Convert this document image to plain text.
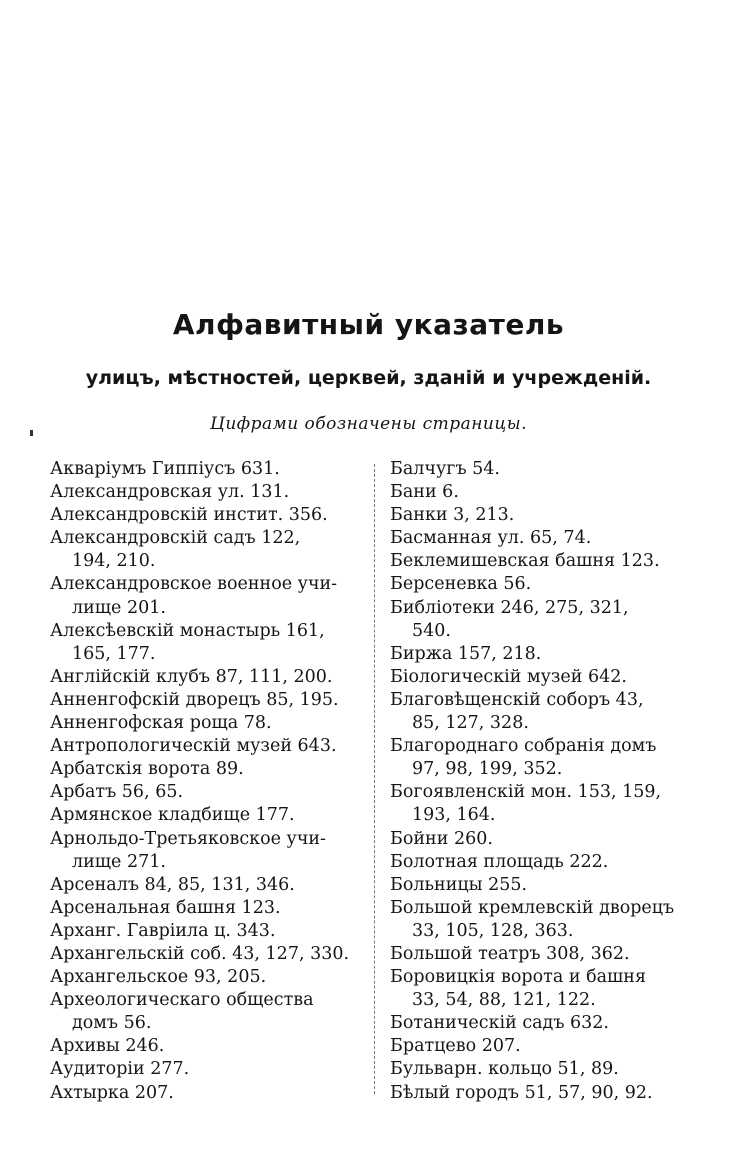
Алфавитный указатель
улицъ, мѣстностей, церквей, зданій и учрежденій.
Цифрами обозначены страницы.
Акваріумъ Гиппіусъ 631.
Александровская ул. 131.
Александровскій инстит. 356.
Александровскій садъ 122,
194, 210.
Александровское военное учи-
лище 201.
Алексѣевскій монастырь 161,
165, 177.
Англійскій клубъ 87, 111, 200.
Анненгофскій дворецъ 85, 195.
Анненгофская роща 78.
Антропологическій музей 643.
Арбатскія ворота 89.
Арбатъ 56, 65.
Армянское кладбище 177.
Арнольдо-Третьяковское учи-
лище 271.
Арсеналъ 84, 85, 131, 346.
Арсенальная башня 123.
Арханг. Гавріила ц. 343.
Архангельскій соб. 43, 127, 330.
Архангельское 93, 205.
Археологическаго общества
домъ 56.
Архивы 246.
Аудиторіи 277.
Ахтырка 207.
Балчугъ 54.
Бани 6.
Банки 3, 213.
Басманная ул. 65, 74.
Беклемишевская башня 123.
Берсеневка 56.
Библіотеки 246, 275, 321,
540.
Биржа 157, 218.
Біологическій музей 642.
Благовѣщенскій соборъ 43,
85, 127, 328.
Благороднаго собранія домъ
97, 98, 199, 352.
Богоявленскій мон. 153, 159,
193, 164.
Бойни 260.
Болотная площадь 222.
Больницы 255.
Большой кремлевскій дворецъ
33, 105, 128, 363.
Большой театръ 308, 362.
Боровицкія ворота и башня
33, 54, 88, 121, 122.
Ботаническій садъ 632.
Братцево 207.
Бульварн. кольцо 51, 89.
Бѣлый городъ 51, 57, 90, 92.
